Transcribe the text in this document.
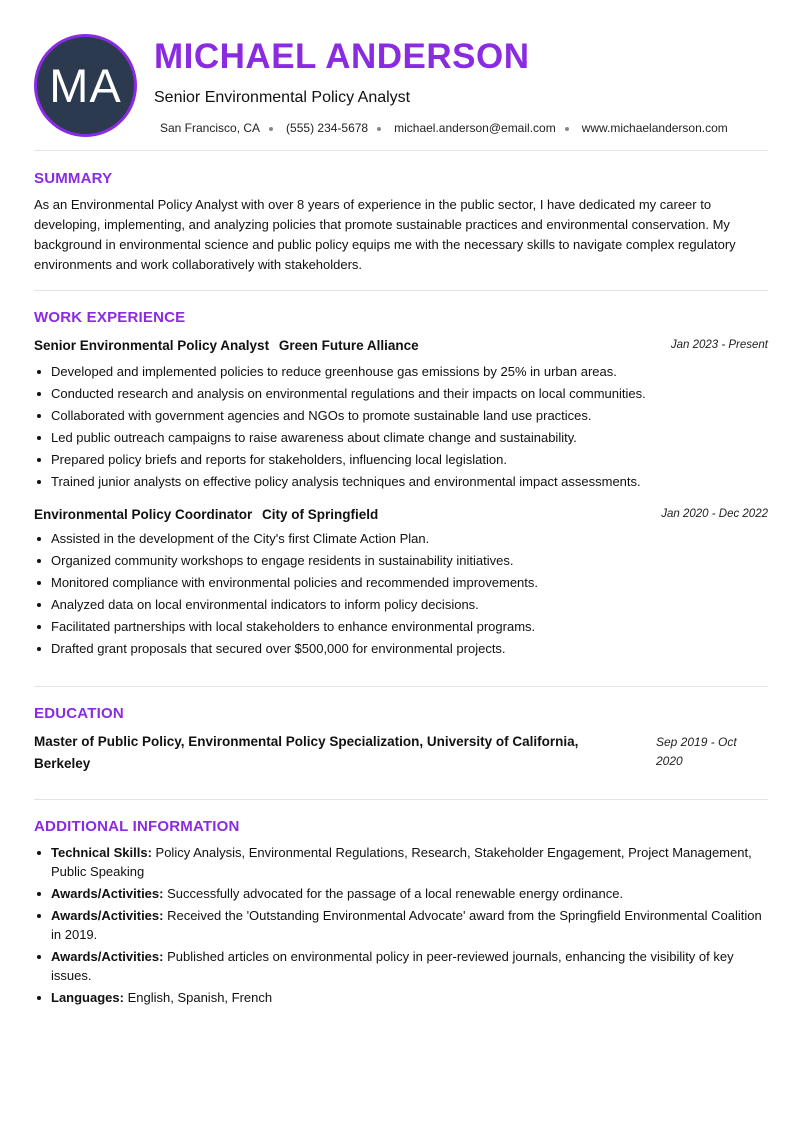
MA
MICHAEL ANDERSON
Senior Environmental Policy Analyst
San Francisco, CA (555) 234-5678 michael.anderson@email.com www.michaelanderson.com
SUMMARY
As an Environmental Policy Analyst with over 8 years of experience in the public sector, I have dedicated my career to developing, implementing, and analyzing policies that promote sustainable practices and environmental conservation. My background in environmental science and public policy equips me with the necessary skills to navigate complex regulatory environments and work collaboratively with stakeholders.
WORK EXPERIENCE
Senior Environmental Policy Analyst Green Future Alliance	Jan 2023 - Present
Developed and implemented policies to reduce greenhouse gas emissions by 25% in urban areas.
Conducted research and analysis on environmental regulations and their impacts on local communities.
Collaborated with government agencies and NGOs to promote sustainable land use practices.
Led public outreach campaigns to raise awareness about climate change and sustainability.
Prepared policy briefs and reports for stakeholders, influencing local legislation.
Trained junior analysts on effective policy analysis techniques and environmental impact assessments.
Environmental Policy Coordinator City of Springfield	Jan 2020 - Dec 2022
Assisted in the development of the City's first Climate Action Plan.
Organized community workshops to engage residents in sustainability initiatives.
Monitored compliance with environmental policies and recommended improvements.
Analyzed data on local environmental indicators to inform policy decisions.
Facilitated partnerships with local stakeholders to enhance environmental programs.
Drafted grant proposals that secured over $500,000 for environmental projects.
EDUCATION
Master of Public Policy, Environmental Policy Specialization, University of California, Berkeley
Sep 2019 - Oct 2020
ADDITIONAL INFORMATION
Technical Skills: Policy Analysis, Environmental Regulations, Research, Stakeholder Engagement, Project Management, Public Speaking
Awards/Activities: Successfully advocated for the passage of a local renewable energy ordinance.
Awards/Activities: Received the 'Outstanding Environmental Advocate' award from the Springfield Environmental Coalition in 2019.
Awards/Activities: Published articles on environmental policy in peer-reviewed journals, enhancing the visibility of key issues.
Languages: English, Spanish, French
